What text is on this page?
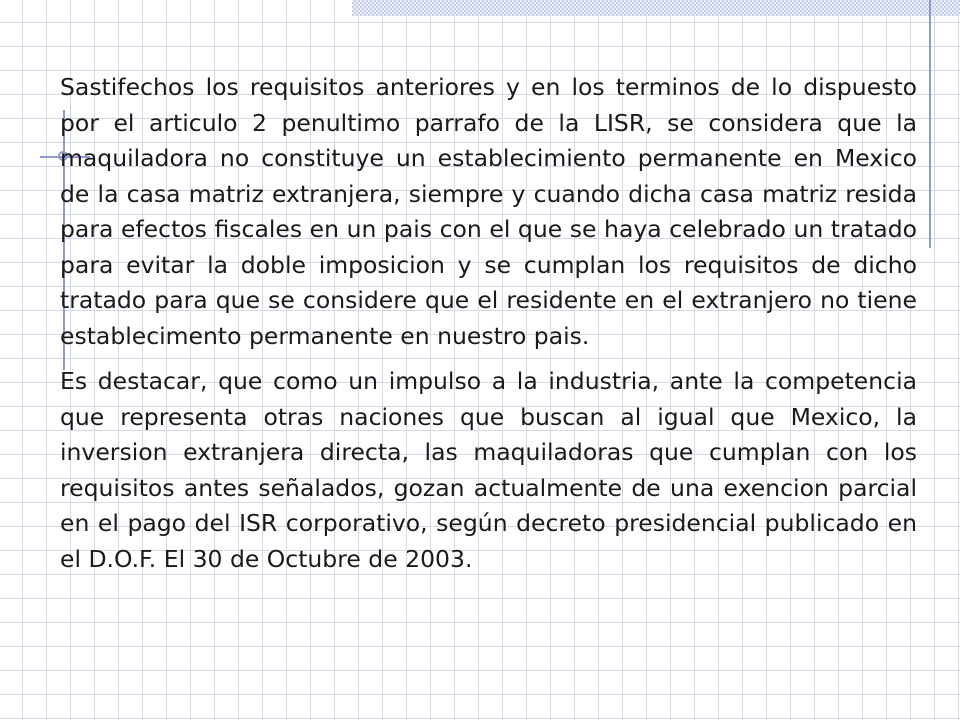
Sastifechos los requisitos anteriores y en los terminos de lo dispuesto por el articulo 2 penultimo parrafo de la LISR, se considera que la maquiladora no constituye un establecimiento permanente en Mexico de la casa matriz extranjera, siempre y cuando dicha casa matriz resida para efectos fiscales en un pais con el que se haya celebrado un tratado para evitar la doble imposicion y se cumplan los requisitos de dicho tratado para que se considere que el residente en el extranjero no tiene establecimento permanente en nuestro pais.

Es destacar, que como un impulso a la industria, ante la competencia que representa otras naciones que buscan al igual que Mexico, la inversion extranjera directa, las maquiladoras que cumplan con los requisitos antes señalados, gozan actualmente de una exencion parcial en el pago del ISR corporativo, según decreto presidencial publicado en el D.O.F. El 30 de Octubre de 2003.
